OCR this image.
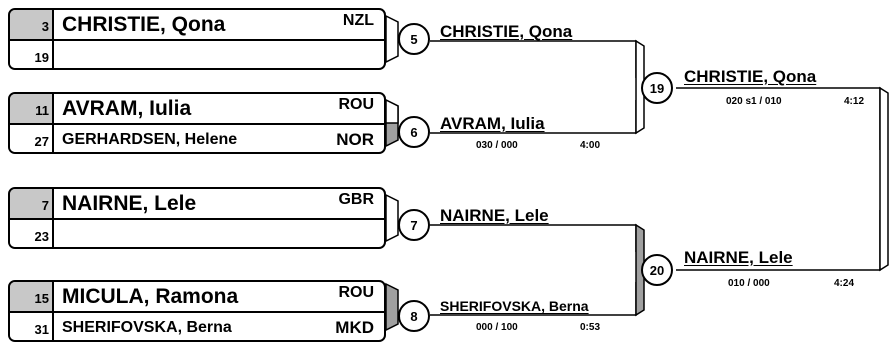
3 CHRISTIE, Qona	NZL
19
11 AVRAM, Iulia	ROU
27 GERHARDSEN, Helene	NOR
7 NAIRNE, Lele	GBR
23
15 MICULA, Ramona	ROU
31 SHERIFOVSKA, Berna	MKD
5	CHRISTIE, Qona
6	AVRAM, Iulia
030 / 000	4:00
7	NAIRNE, Lele
8
SHERIFOVSKA, Berna
000 / 100	0:53
19
CHRISTIE, Qona
020 s1 / 010	4:12
20
NAIRNE, Lele
010 / 000	4:24
